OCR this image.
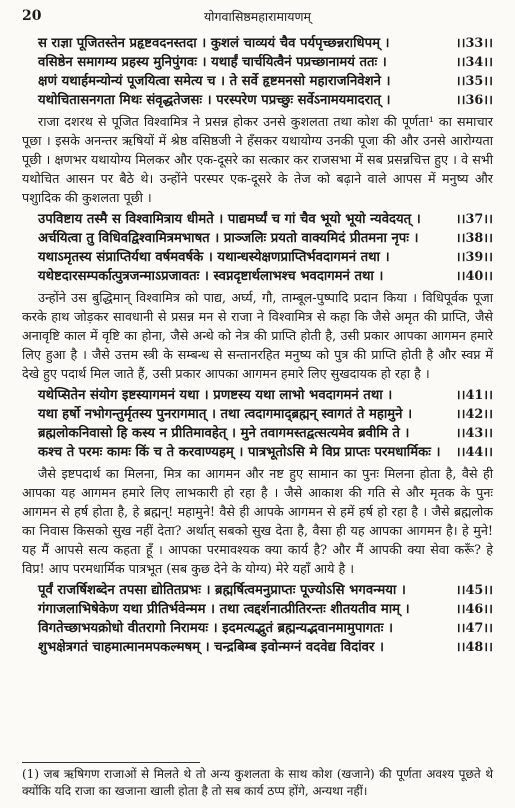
20	योगवासिष्ठमहारामायणम्
स राज्ञा पूजितस्तेन प्रहृष्टवदनस्तदा । कुशलं चाव्ययं चैव पर्यपृच्छन्नराधिपम् ।	।।33।।
वसिष्ठेन समागम्य प्रहस्य मुनिपुंगवः । यथार्हं चार्चयित्वैनं पप्रच्छानामयं ततः ।	।।34।।
क्षणं यथार्हमन्योन्यं पूजयित्वा समेत्य च । ते सर्वे हृष्टमनसो महाराजनिवेशने ।	।।35।।
यथोचितासनगता मिथः संवृद्धतेजसः । परस्परेण पप्रच्छुः सर्वेऽनामयमादरात् ।	।।36।।
राजा दशरथ से पूजित विश्वामित्र ने प्रसन्न होकर उनसे कुशलता तथा कोश की पूर्णता¹ का समाचार पूछा । इसके अनन्तर ऋषियों में श्रेष्ठ वसिष्ठजी ने हँसकर यथायोग्य उनकी पूजा की और उनसे आरोग्यता पूछी । क्षणभर यथायोग्य मिलकर और एक-दूसरे का सत्कार कर राजसभा में सब प्रसन्नचित्त हुए । वे सभी यथोचित आसन पर बैठे थे। उन्होंने परस्पर एक-दूसरे के तेज को बढ़ाने वाले आपस में मनुष्य और पशुादिक की कुशलता पूछी ।
उपविष्टाय तस्मै स विश्वामित्राय धीमते । पाद्यमर्घ्यं च गां चैव भूयो भूयो न्यवेदयत् ।	।।37।।
अर्चयित्वा तु विधिवद्विश्वामित्रमभाषत । प्राञ्जलिः प्रयतो वाक्यमिदं प्रीतमना नृपः ।	।।38।।
यथाऽमृतस्य संप्राप्तिर्यथा वर्षमवर्षके । यथान्धस्येक्षणप्राप्तिर्भवदागमनं तथा ।	।।39।।
यथेष्टदारसम्पर्कात्पुत्रजन्माऽप्रजावतः । स्वप्नदृष्टार्थलाभश्च भवदागमनं तथा ।	।।40।।
उन्होंने उस बुद्धिमान् विश्वामित्र को पाद्य, अर्घ्य, गौ, ताम्बूल-पुष्पादि प्रदान किया । विधिपूर्वक पूजा करके हाथ जोड़कर सावधानी से प्रसन्न मन से राजा ने विश्वामित्र से कहा कि जैसे अमृत की प्राप्ति, जैसे अनावृष्टि काल में वृष्टि का होना, जैसे अन्धे को नेत्र की प्राप्ति होती है, उसी प्रकार आपका आगमन हमारे लिए हुआ है । जैसे उत्तम स्त्री के सम्बन्ध से सन्तानरहित मनुष्य को पुत्र की प्राप्ति होती है और स्वप्न में देखे हुए पदार्थ मिल जाते हैं, उसी प्रकार आपका आगमन हमारे लिए सुखदायक हो रहा है ।
यथेप्सितेन संयोग इष्टस्यागमनं यथा । प्रणष्टस्य यथा लाभो भवदागमनं तथा ।	।।41।।
यथा हर्षो नभोगन्तुर्मृतस्य पुनरागमात् । तथा त्वदागमाद्ब्रह्मन् स्वागतं ते महामुने ।	।।42।।
ब्रह्मलोकनिवासो हि कस्य न प्रीतिमावहेत् । मुने तवागमस्तद्वत्सत्यमेव ब्रवीमि ते ।	।।43।।
कश्च ते परमः कामः किं च ते करवाण्यहम् । पात्रभूतोऽसि मे विप्र प्राप्तः परमधार्मिकः । ।।44।।
जैसे इष्टपदार्थ का मिलना, मित्र का आगमन और नष्ट हुए सामान का पुनः मिलना होता है, वैसे ही आपका यह आगमन हमारे लिए लाभकारी हो रहा है । जैसे आकाश की गति से और मृतक के पुनः आगमन से हर्ष होता है, हे ब्रह्मन्! महामुने! वैसे ही आपके आगमन से हमें हर्ष हो रहा है । जैसे ब्रह्मलोक का निवास किसको सुख नहीं देता? अर्थात् सबको सुख देता है, वैसा ही यह आपका आगमन है। हे मुने! यह मैं आपसे सत्य कहता हूँ । आपका परमावश्यक क्या कार्य है? और मैं आपकी क्या सेवा करूँ? हे विप्र! आप परमधार्मिक पात्रभूत (सब कुछ देने के योग्य) मेरे यहाँ आये है ।
पूर्वं राजर्षिशब्देन तपसा द्योतितप्रभः । ब्रह्मर्षित्वमनुप्राप्तः पूज्योऽसि भगवन्मया ।	।।45।।
गंगाजलाभिषेकेण यथा प्रीतिर्भवेन्मम । तथा त्वद्दर्शनात्प्रीतिरन्तः शीतयतीव माम् ।	।।46।।
विगतेच्छाभयक्रोधो वीतरागो निरामयः । इदमत्यद्भुतं ब्रह्मन्यद्भवानमामुपागतः ।	।।47।।
शुभक्षेत्रगतं चाहमात्मानमपकल्मषम् । चन्द्रबिम्ब इवोन्मग्नं वदवेद्य विदांवर ।	।।48।।
(1) जब ऋषिगण राजाओं से मिलते थे तो अन्य कुशलता के साथ कोश (खजाने) की पूर्णता अवश्य पूछते थे क्योंकि यदि राजा का खजाना खाली होता है तो सब कार्य ठप्प होंगे, अन्यथा नहीं।
